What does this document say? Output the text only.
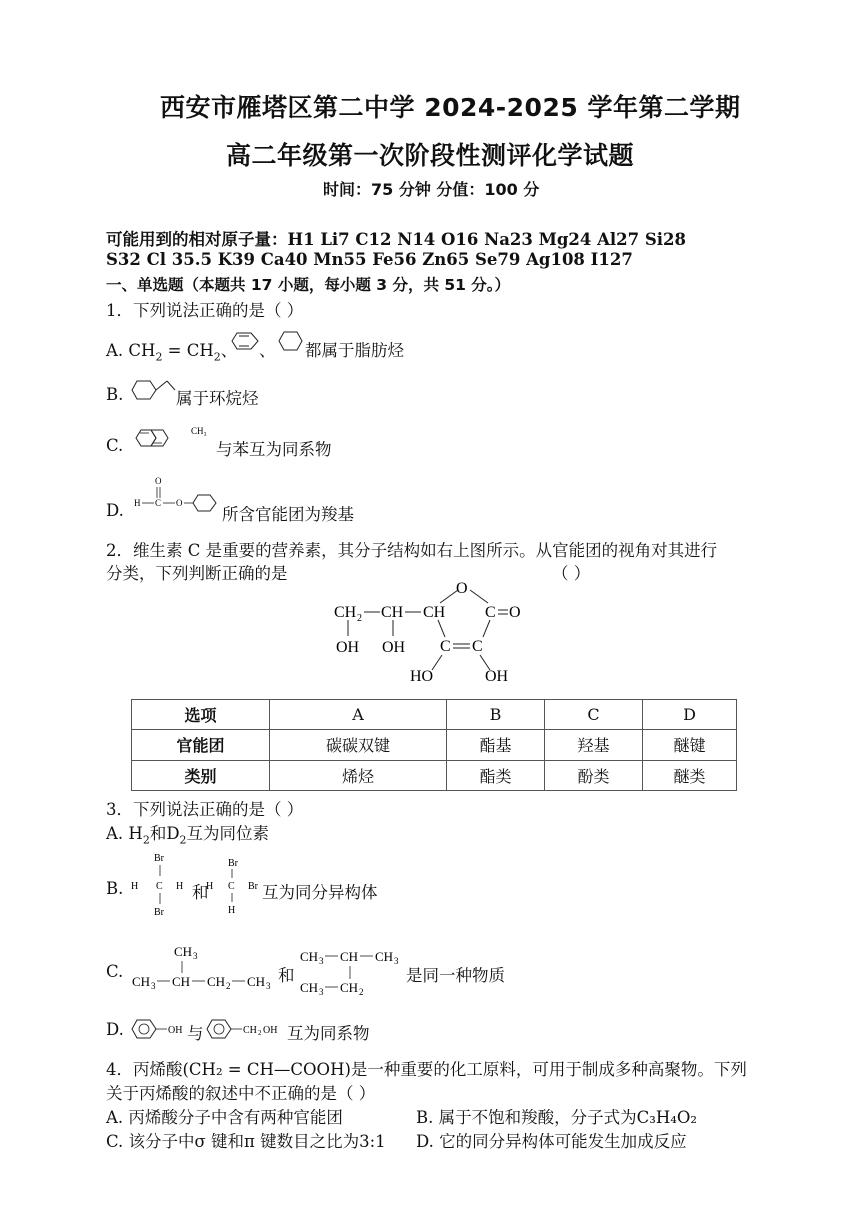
西安市雁塔区第二中学 2024-2025 学年第二学期
高二年级第一次阶段性测评化学试题
时间：75 分钟 分值：100 分
可能用到的相对原子量：H1 Li7 C12 N14 O16 Na23 Mg24 Al27 Si28
S32 Cl 35.5 K39 Ca40 Mn55 Fe56 Zn65 Se79 Ag108 I127
一、单选题（本题共 17 小题，每小题 3 分，共 51 分。）
1．下列说法正确的是（ ）
A. $CH_2 = CH_2$、 、 都属于脂肪烃
B.	属于环烷烃
C.
CH₃
与苯互为同系物
D.
O
H C O
所含官能团为羧基
2．维生素 C 是重要的营养素，其分子结构如右上图所示。从官能团的视角对其进行
分类，下列判断正确的是	（ ）
CH 2 CH CH
OH OH
O
C O
C C
HO	OH
选项	A	B	C	D
官能团	碳碳双键	酯基	羟基	醚键
类别	烯烃	酯类	酚类	醚类
3．下列说法正确的是（ ）
A. $H_2$和$D_2$互为同位素
B.
Br
H C H
Br
Br
H C Br
H
和	互为同分异构体
C.
CH 3
CH 3 CH CH 2 CH 3
和
CH 3 CH CH 3
CH 3 CH 2
是同一种物质
D.	OH 与	CH 2 OH 互为同系物
4．丙烯酸(CH₂ = CH—COOH)是一种重要的化工原料，可用于制成多种高聚物。下列
关于丙烯酸的叙述中不正确的是（ ）
A. 丙烯酸分子中含有两种官能团	B. 属于不饱和羧酸，分子式为C₃H₄O₂
C. 该分子中σ 键和π 键数目之比为3:1 D. 它的同分异构体可能发生加成反应
